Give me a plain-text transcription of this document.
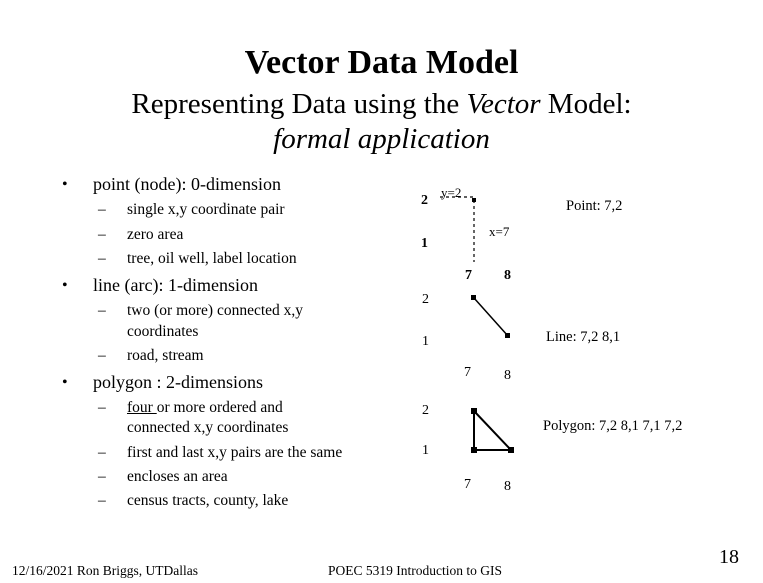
Vector Data Model
Representing Data using the Vector Model:
formal application
• point (node): 0-dimension
– single x,y coordinate pair
– zero area
– tree, oil well, label location
• line (arc): 1-dimension
– two (or more) connected x,y
coordinates
– road, stream
• polygon : 2-dimensions
– four or more ordered and
connected x,y coordinates
– first and last x,y pairs are the same
– encloses an area
– census tracts, county, lake
2
1
y=2
x=7
7 8
Point: 7,2
2
1
7 8
Line: 7,2 8,1
2
1
7 8
Polygon: 7,2 8,1 7,1 7,2
12/16/2021 Ron Briggs, UTDallas	POEC 5319 Introduction to GIS
18
